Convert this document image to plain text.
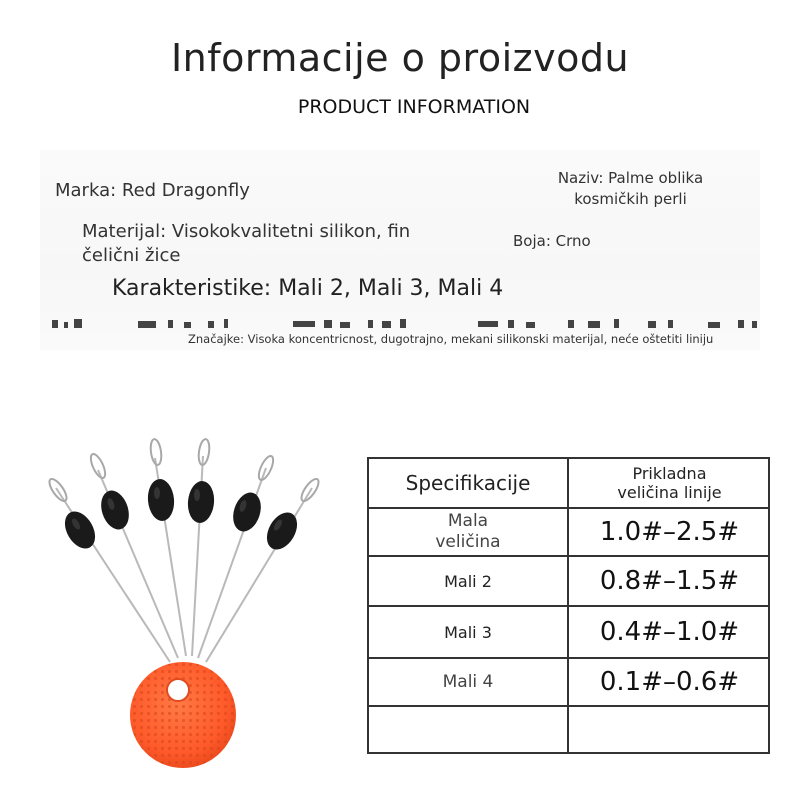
Informacije o proizvodu
PRODUCT INFORMATION
Marka: Red Dragonfly
Materijal: Visokokvalitetni silikon, fin
čelični žice
Naziv: Palme oblika
kosmičkih perli
Boja: Crno
Karakteristike: Mali 2, Mali 3, Mali 4
Značajke: Visoka koncentricnost, dugotrajno, mekani silikonski materijal, neće oštetiti liniju
Specifikacije	Prikladna
veličina linije
Mala
veličina	1.0#–2.5#
Mali 2	0.8#–1.5#
Mali 3	0.4#–1.0#
Mali 4	0.1#–0.6#
